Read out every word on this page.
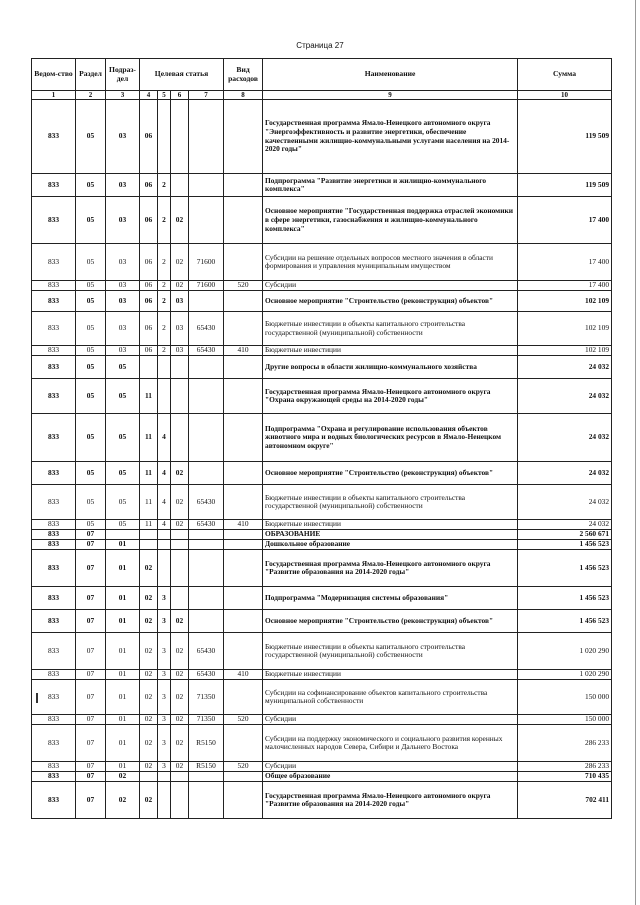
Страница 27
Ведом-ство	Раздел	Подраз-дел	Целевая статья				Вид расходов	Наименование	Сумма
1	2	3	4	5	6	7	8	9	10
833	05	03	06					Государственная программа Ямало-Ненецкого автономного округа "Энергоэффективность и развитие энергетики, обеспечение качественными жилищно-коммунальными услугами населения на 2014-2020 годы"	119 509
833	05	03	06	2				Подпрограмма "Развитие энергетики и жилищно-коммунального комплекса"	119 509
833	05	03	06	2	02			Основное мероприятие "Государственная поддержка отраслей экономики в сфере энергетики, газоснабжения и жилищно-коммунального комплекса"	17 400
833	05	03	06	2	02	71600		Субсидии на решение отдельных вопросов местного значения в области формирования и управления муниципальным имуществом	17 400
833	05	03	06	2	02	71600	520	Субсидии	17 400
833	05	03	06	2	03			Основное мероприятие "Строительство (реконструкция) объектов"	102 109
833	05	03	06	2	03	65430		Бюджетные инвестиции в объекты капитального строительства государственной (муниципальной) собственности	102 109
833	05	03	06	2	03	65430	410	Бюджетные инвестиции	102 109
833	05	05						Другие вопросы в области жилищно-коммунального хозяйства	24 032
833	05	05	11					Государственная программа Ямало-Ненецкого автономного округа "Охрана окружающей среды на 2014-2020 годы"	24 032
833	05	05	11	4				Подпрограмма "Охрана и регулирование использования объектов животного мира и водных биологических ресурсов в Ямало-Ненецком автономном округе"	24 032
833	05	05	11	4	02			Основное мероприятие "Строительство (реконструкция) объектов"	24 032
833	05	05	11	4	02	65430		Бюджетные инвестиции в объекты капитального строительства государственной (муниципальной) собственности	24 032
833	05	05	11	4	02	65430	410	Бюджетные инвестиции	24 032
833	07							ОБРАЗОВАНИЕ	2 560 671
833	07	01						Дошкольное образование	1 456 523
833	07	01	02					Государственная программа Ямало-Ненецкого автономного округа "Развитие образования на 2014-2020 годы"	1 456 523
833	07	01	02	3				Подпрограмма "Модернизация системы образования"	1 456 523
833	07	01	02	3	02			Основное мероприятие "Строительство (реконструкция) объектов"	1 456 523
833	07	01	02	3	02	65430		Бюджетные инвестиции в объекты капитального строительства государственной (муниципальной) собственности	1 020 290
833	07	01	02	3	02	65430	410	Бюджетные инвестиции	1 020 290
833	07	01	02	3	02	71350		Субсидии на софинансирование объектов капитального строительства муниципальной собственности	150 000
833	07	01	02	3	02	71350	520	Субсидии	150 000
833	07	01	02	3	02	R5150		Субсидии на поддержку экономического и социального развития коренных малочисленных народов Севера, Сибири и Дальнего Востока	286 233
833	07	01	02	3	02	R5150	520	Субсидии	286 233
833	07	02						Общее образование	710 435
833	07	02	02					Государственная программа Ямало-Ненецкого автономного округа "Развитие образования на 2014-2020 годы"	702 411
